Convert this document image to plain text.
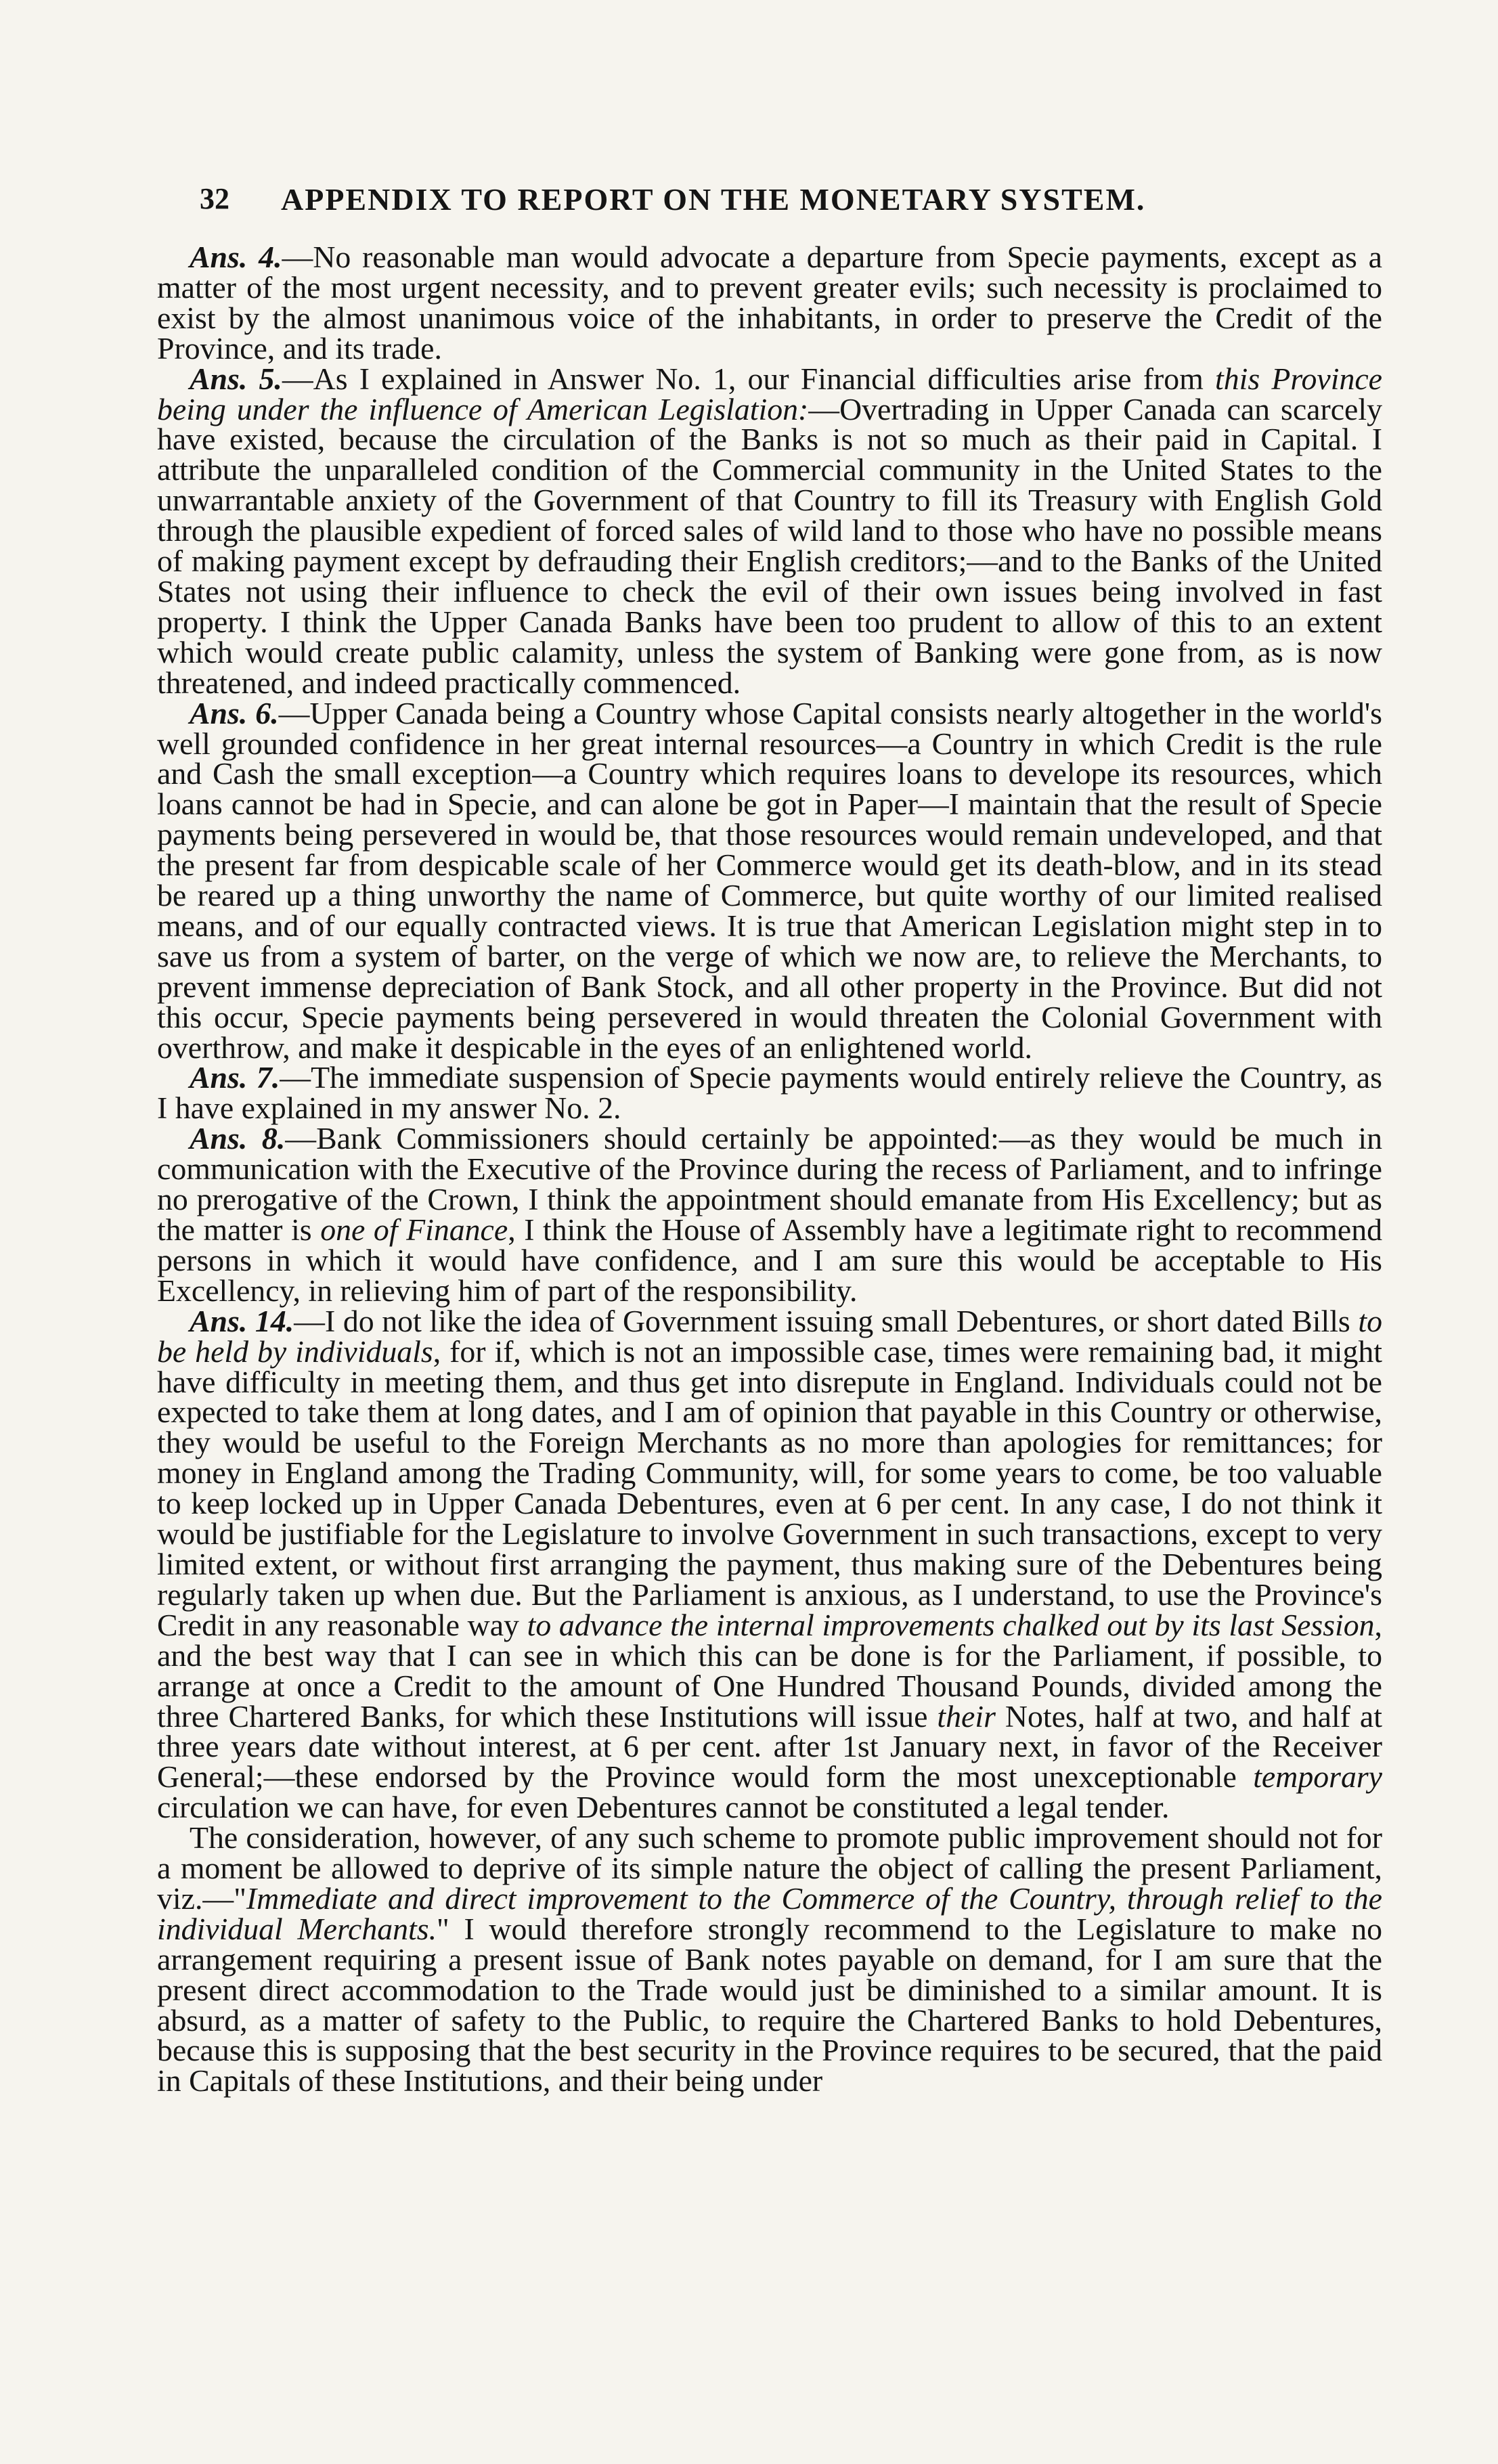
32 APPENDIX TO REPORT ON THE MONETARY SYSTEM.

Ans. 4.—No reasonable man would advocate a departure from Specie payments, except as a matter of the most urgent necessity, and to prevent greater evils; such necessity is proclaimed to exist by the almost unanimous voice of the inhabitants, in order to preserve the Credit of the Province, and its trade.

Ans. 5.—As I explained in Answer No. 1, our Financial difficulties arise from this Province being under the influence of American Legislation:—Overtrading in Upper Canada can scarcely have existed, because the circulation of the Banks is not so much as their paid in Capital. I attribute the unparalleled condition of the Commercial community in the United States to the unwarrantable anxiety of the Government of that Country to fill its Treasury with English Gold through the plausible expedient of forced sales of wild land to those who have no possible means of making payment except by defrauding their English creditors;—and to the Banks of the United States not using their influence to check the evil of their own issues being involved in fast property. I think the Upper Canada Banks have been too prudent to allow of this to an extent which would create public calamity, unless the system of Banking were gone from, as is now threatened, and indeed practically commenced.

Ans. 6.—Upper Canada being a Country whose Capital consists nearly altogether in the world's well grounded confidence in her great internal resources—a Country in which Credit is the rule and Cash the small exception—a Country which requires loans to develope its resources, which loans cannot be had in Specie, and can alone be got in Paper—I maintain that the result of Specie payments being persevered in would be, that those resources would remain undeveloped, and that the present far from despicable scale of her Commerce would get its death-blow, and in its stead be reared up a thing unworthy the name of Commerce, but quite worthy of our limited realised means, and of our equally contracted views. It is true that American Legislation might step in to save us from a system of barter, on the verge of which we now are, to relieve the Merchants, to prevent immense depreciation of Bank Stock, and all other property in the Province. But did not this occur, Specie payments being persevered in would threaten the Colonial Government with overthrow, and make it despicable in the eyes of an enlightened world.

Ans. 7.—The immediate suspension of Specie payments would entirely relieve the Country, as I have explained in my answer No. 2.

Ans. 8.—Bank Commissioners should certainly be appointed:—as they would be much in communication with the Executive of the Province during the recess of Parliament, and to infringe no prerogative of the Crown, I think the appointment should emanate from His Excellency; but as the matter is one of Finance, I think the House of Assembly have a legitimate right to recommend persons in which it would have confidence, and I am sure this would be acceptable to His Excellency, in relieving him of part of the responsibility.

Ans. 14.—I do not like the idea of Government issuing small Debentures, or short dated Bills to be held by individuals, for if, which is not an impossible case, times were remaining bad, it might have difficulty in meeting them, and thus get into disrepute in England. Individuals could not be expected to take them at long dates, and I am of opinion that payable in this Country or otherwise, they would be useful to the Foreign Merchants as no more than apologies for remittances; for money in England among the Trading Community, will, for some years to come, be too valuable to keep locked up in Upper Canada Debentures, even at 6 per cent. In any case, I do not think it would be justifiable for the Legislature to involve Government in such transactions, except to very limited extent, or without first arranging the payment, thus making sure of the Debentures being regularly taken up when due. But the Parliament is anxious, as I understand, to use the Province's Credit in any reasonable way to advance the internal improvements chalked out by its last Session, and the best way that I can see in which this can be done is for the Parliament, if possible, to arrange at once a Credit to the amount of One Hundred Thousand Pounds, divided among the three Chartered Banks, for which these Institutions will issue their Notes, half at two, and half at three years date without interest, at 6 per cent. after 1st January next, in favor of the Receiver General;—these endorsed by the Province would form the most unexceptionable temporary circulation we can have, for even Debentures cannot be constituted a legal tender.

The consideration, however, of any such scheme to promote public improvement should not for a moment be allowed to deprive of its simple nature the object of calling the present Parliament, viz.—"Immediate and direct improvement to the Commerce of the Country, through relief to the individual Merchants." I would therefore strongly recommend to the Legislature to make no arrangement requiring a present issue of Bank notes payable on demand, for I am sure that the present direct accommodation to the Trade would just be diminished to a similar amount. It is absurd, as a matter of safety to the Public, to require the Chartered Banks to hold Debentures, because this is supposing that the best security in the Province requires to be secured, that the paid in Capitals of these Institutions, and their being under
